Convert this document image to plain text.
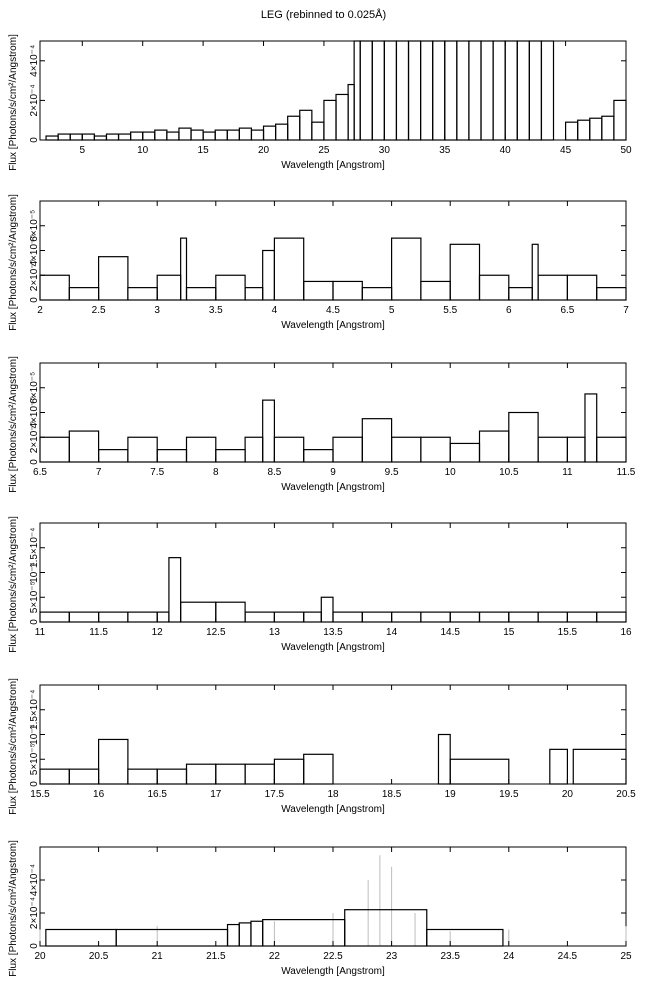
LEG (rebinned to 0.025Å)
5	10	15	20	25	30	35	40	45	50
0
2×10⁻⁴
4×10⁻⁴
Wavelength [Angstrom]
Flux [Photons/s/cm²/Angstrom]
2	2.5	3	3.5	4	4.5	5	5.5	6	6.5	7
0
2×10⁻⁵
4×10⁻⁵
6×10⁻⁵
Wavelength [Angstrom]
Flux [Photons/s/cm²/Angstrom]
6.5	7	7.5	8	8.5	9	9.5	10	10.5	11	11.5
0
2×10⁻⁵
4×10⁻⁵
6×10⁻⁵
Wavelength [Angstrom]
Flux [Photons/s/cm²/Angstrom]
11	11.5	12	12.5	13	13.5	14	14.5	15	15.5	16
0
5×10⁻⁵
10⁻⁴
1.5×10⁻⁴
Wavelength [Angstrom]
Flux [Photons/s/cm²/Angstrom]
15.5	16	16.5	17	17.5	18	18.5	19	19.5	20	20.5
0
5×10⁻⁵
10⁻⁴
1.5×10⁻⁴
Wavelength [Angstrom]
Flux [Photons/s/cm²/Angstrom]
20	20.5	21	21.5	22	22.5	23	23.5	24	24.5	25
0
2×10⁻⁴
4×10⁻⁴
Wavelength [Angstrom]
Flux [Photons/s/cm²/Angstrom]
